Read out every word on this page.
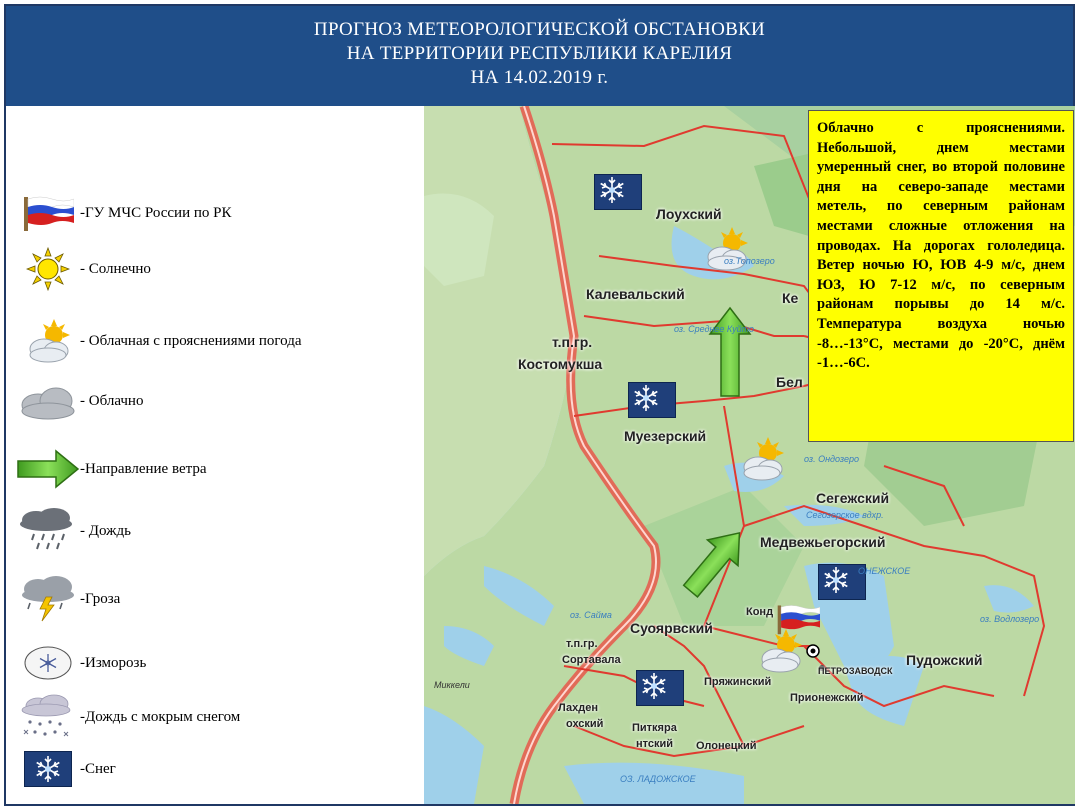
ПРОГНОЗ МЕТЕОРОЛОГИЧЕСКОЙ ОБСТАНОВКИ
НА ТЕРРИТОРИИ РЕСПУБЛИКИ КАРЕЛИЯ
НА 14.02.2019 г.
-ГУ МЧС России по РК
- Солнечно
- Облачная с прояснениями погода
- Облачно
-Направление ветра
- Дождь
-Гроза
-Изморозь
-Дождь с мокрым снегом
-Снег
Лоухский
Калевальский	Ке
т.п.гр.
Костомукша
Бел
Муезерский
Сегежский
Медвежьегорский
Суоярвский
Конд
т.п.гр.
Сортавала	Пудожский
Пряжинский
Прионежский
Лахден
охский	Питкяра
нтский Олонецкий
ПЕТРОЗАВОДСК
оз.Топозеро
оз. Среднее Куйто
оз. Ондозеро
Сегозерское вдхр.
ОНЕЖСКОЕ
оз. Водлозеро
оз. Сайма
ОЗ. ЛАДОЖСКОЕ
Миккели
Облачно с прояснениями. Небольшой, днем местами умеренный снег, во второй половине дня на северо-западе местами метель, по северным районам местами сложные отложения на проводах. На дорогах гололедица. Ветер ночью Ю, ЮВ 4-9 м/с, днем ЮЗ, Ю 7-12 м/с, по северным районам порывы до 14 м/с. Температура воздуха ночью -8…-13°С, местами до -20°С, днём -1…-6С.
